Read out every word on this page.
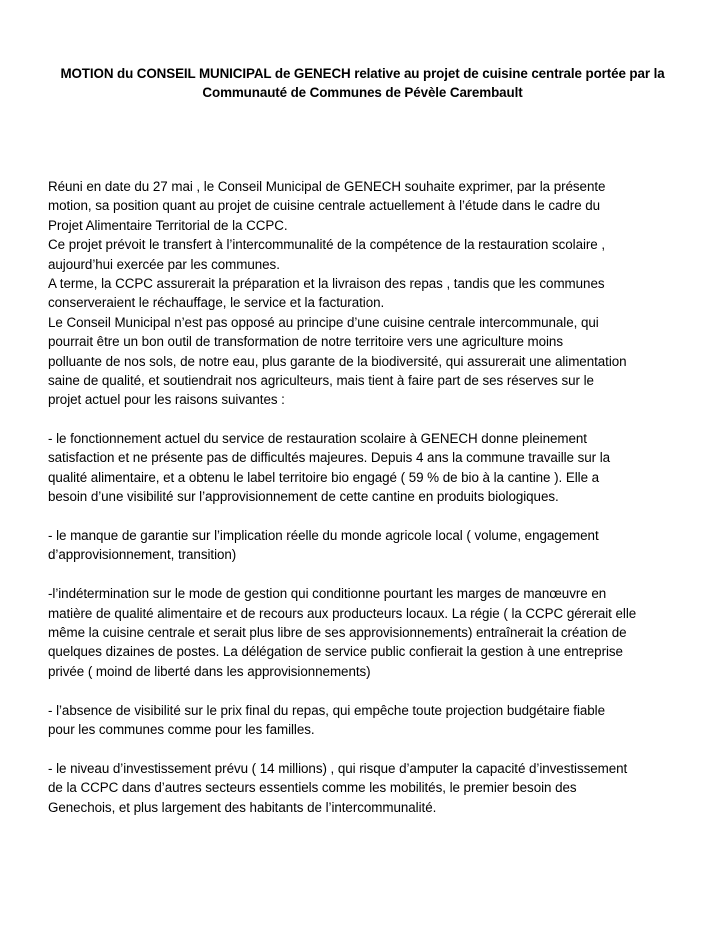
MOTION du CONSEIL MUNICIPAL de GENECH relative au projet de cuisine centrale portée par la
Communauté de Communes de Pévèle Carembault
Réuni en date du 27 mai , le Conseil Municipal de GENECH souhaite exprimer, par la présente
motion, sa position quant au projet de cuisine centrale actuellement à l’étude dans le cadre du
Projet Alimentaire Territorial de la CCPC.
Ce projet prévoit le transfert à l’intercommunalité de la compétence de la restauration scolaire ,
aujourd’hui exercée par les communes.
A terme, la CCPC assurerait la préparation et la livraison des repas , tandis que les communes
conserveraient le réchauffage, le service et la facturation.
Le Conseil Municipal n’est pas opposé au principe d’une cuisine centrale intercommunale, qui
pourrait être un bon outil de transformation de notre territoire vers une agriculture moins
polluante de nos sols, de notre eau, plus garante de la biodiversité, qui assurerait une alimentation
saine de qualité, et soutiendrait nos agriculteurs, mais tient à faire part de ses réserves sur le
projet actuel pour les raisons suivantes :
- le fonctionnement actuel du service de restauration scolaire à GENECH donne pleinement
satisfaction et ne présente pas de difficultés majeures. Depuis 4 ans la commune travaille sur la
qualité alimentaire, et a obtenu le label territoire bio engagé ( 59 % de bio à la cantine ). Elle a
besoin d’une visibilité sur l’approvisionnement de cette cantine en produits biologiques.
- le manque de garantie sur l’implication réelle du monde agricole local ( volume, engagement
d’approvisionnement, transition)
-l’indétermination sur le mode de gestion qui conditionne pourtant les marges de manœuvre en
matière de qualité alimentaire et de recours aux producteurs locaux. La régie ( la CCPC gérerait elle
même la cuisine centrale et serait plus libre de ses approvisionnements) entraînerait la création de
quelques dizaines de postes. La délégation de service public confierait la gestion à une entreprise
privée ( moind de liberté dans les approvisionnements)
- l’absence de visibilité sur le prix final du repas, qui empêche toute projection budgétaire fiable
pour les communes comme pour les familles.
- le niveau d’investissement prévu ( 14 millions) , qui risque d’amputer la capacité d’investissement
de la CCPC dans d’autres secteurs essentiels comme les mobilités, le premier besoin des
Genechois, et plus largement des habitants de l’intercommunalité.
